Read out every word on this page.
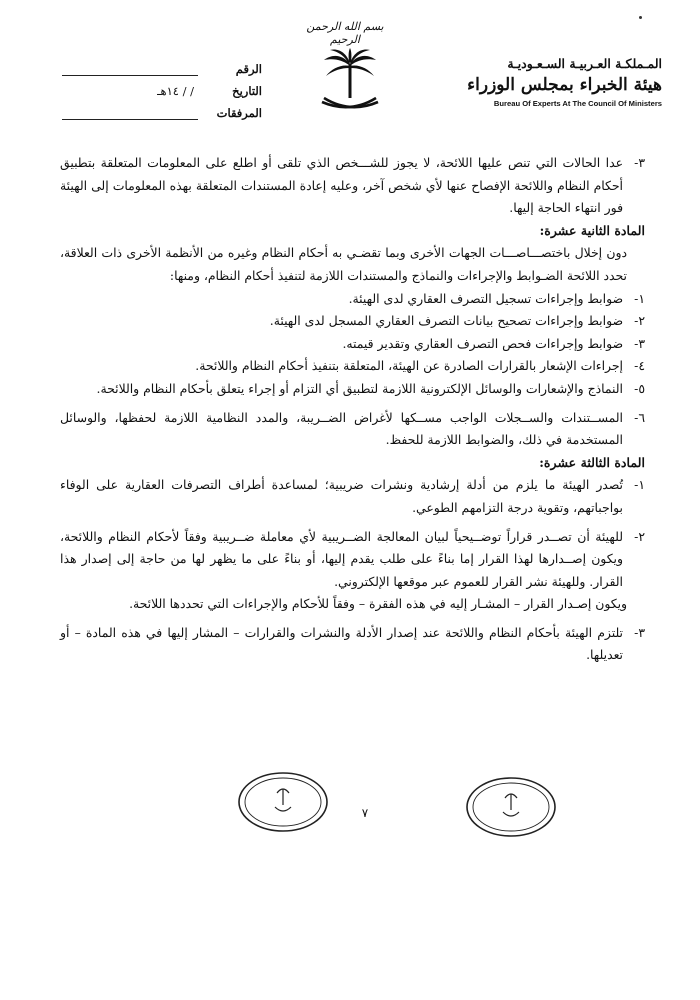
الرقم
التاريخ
/ / ١٤هـ
المرفقات
بسم الله الرحمن الرحيم
المـملكـة العـربيـة السـعـوديـة
هيئة الخبراء بمجلس الوزراء
Bureau Of Experts At The Council Of Ministers
٣-
عدا الحالات التي تنص عليها اللائحة، لا يجوز للشـــخص الذي تلقى أو اطلع على المعلومات المتعلقة بتطبيق أحكام النظام واللائحة الإفصاح عنها لأي شخص آخر، وعليه إعادة المستندات المتعلقة بهذه المعلومات إلى الهيئة فور انتهاء الحاجة إليها.

المادة الثانية عشرة:

دون إخلال باختصـــاصـــات الجهات الأخرى وبما تقضـي به أحكام النظام وغيره من الأنظمة الأخرى ذات العلاقة، تحدد اللائحة الضـوابط والإجراءات والنماذج والمستندات اللازمة لتنفيذ أحكام النظام، ومنها:

١-
ضوابط وإجراءات تسجيل التصرف العقاري لدى الهيئة.
٢-
ضوابط وإجراءات تصحيح بيانات التصرف العقاري المسجل لدى الهيئة.
٣-
ضوابط وإجراءات فحص التصرف العقاري وتقدير قيمته.
٤-
إجراءات الإشعار بالقرارات الصادرة عن الهيئة، المتعلقة بتنفيذ أحكام النظام واللائحة.
٥-
النماذج والإشعارات والوسائل الإلكترونية اللازمة لتطبيق أي التزام أو إجراء يتعلق بأحكام النظام واللائحة.
٦-
المســتندات والســجلات الواجب مســكها لأغراض الضــريبة، والمدد النظامية اللازمة لحفظها، والوسائل المستخدمة في ذلك، والضوابط اللازمة للحفظ.

المادة الثالثة عشرة:

١-
تُصدر الهيئة ما يلزم من أدلة إرشادية ونشرات ضريبية؛ لمساعدة أطراف التصرفات العقارية على الوفاء بواجباتهم، وتقوية درجة التزامهم الطوعي.
٢-
للهيئة أن تصــدر قراراً توضــيحياً لبيان المعالجة الضــريبية لأي معاملة ضــريبية وفقاً لأحكام النظام واللائحة، ويكون إصــدارها لهذا القرار إما بناءً على طلب يقدم إليها، أو بناءً على ما يظهر لها من حاجة إلى إصدار هذا القرار. وللهيئة نشر القرار للعموم عبر موقعها الإلكتروني.

ويكون إصـدار القرار – المشـار إليه في هذه الفقرة – وفقاً للأحكام والإجراءات التي تحددها اللائحة.

٣-
تلتزم الهيئة بأحكام النظام واللائحة عند إصدار الأدلة والنشرات والقرارات – المشار إليها في هذه المادة – أو تعديلها.
٧
